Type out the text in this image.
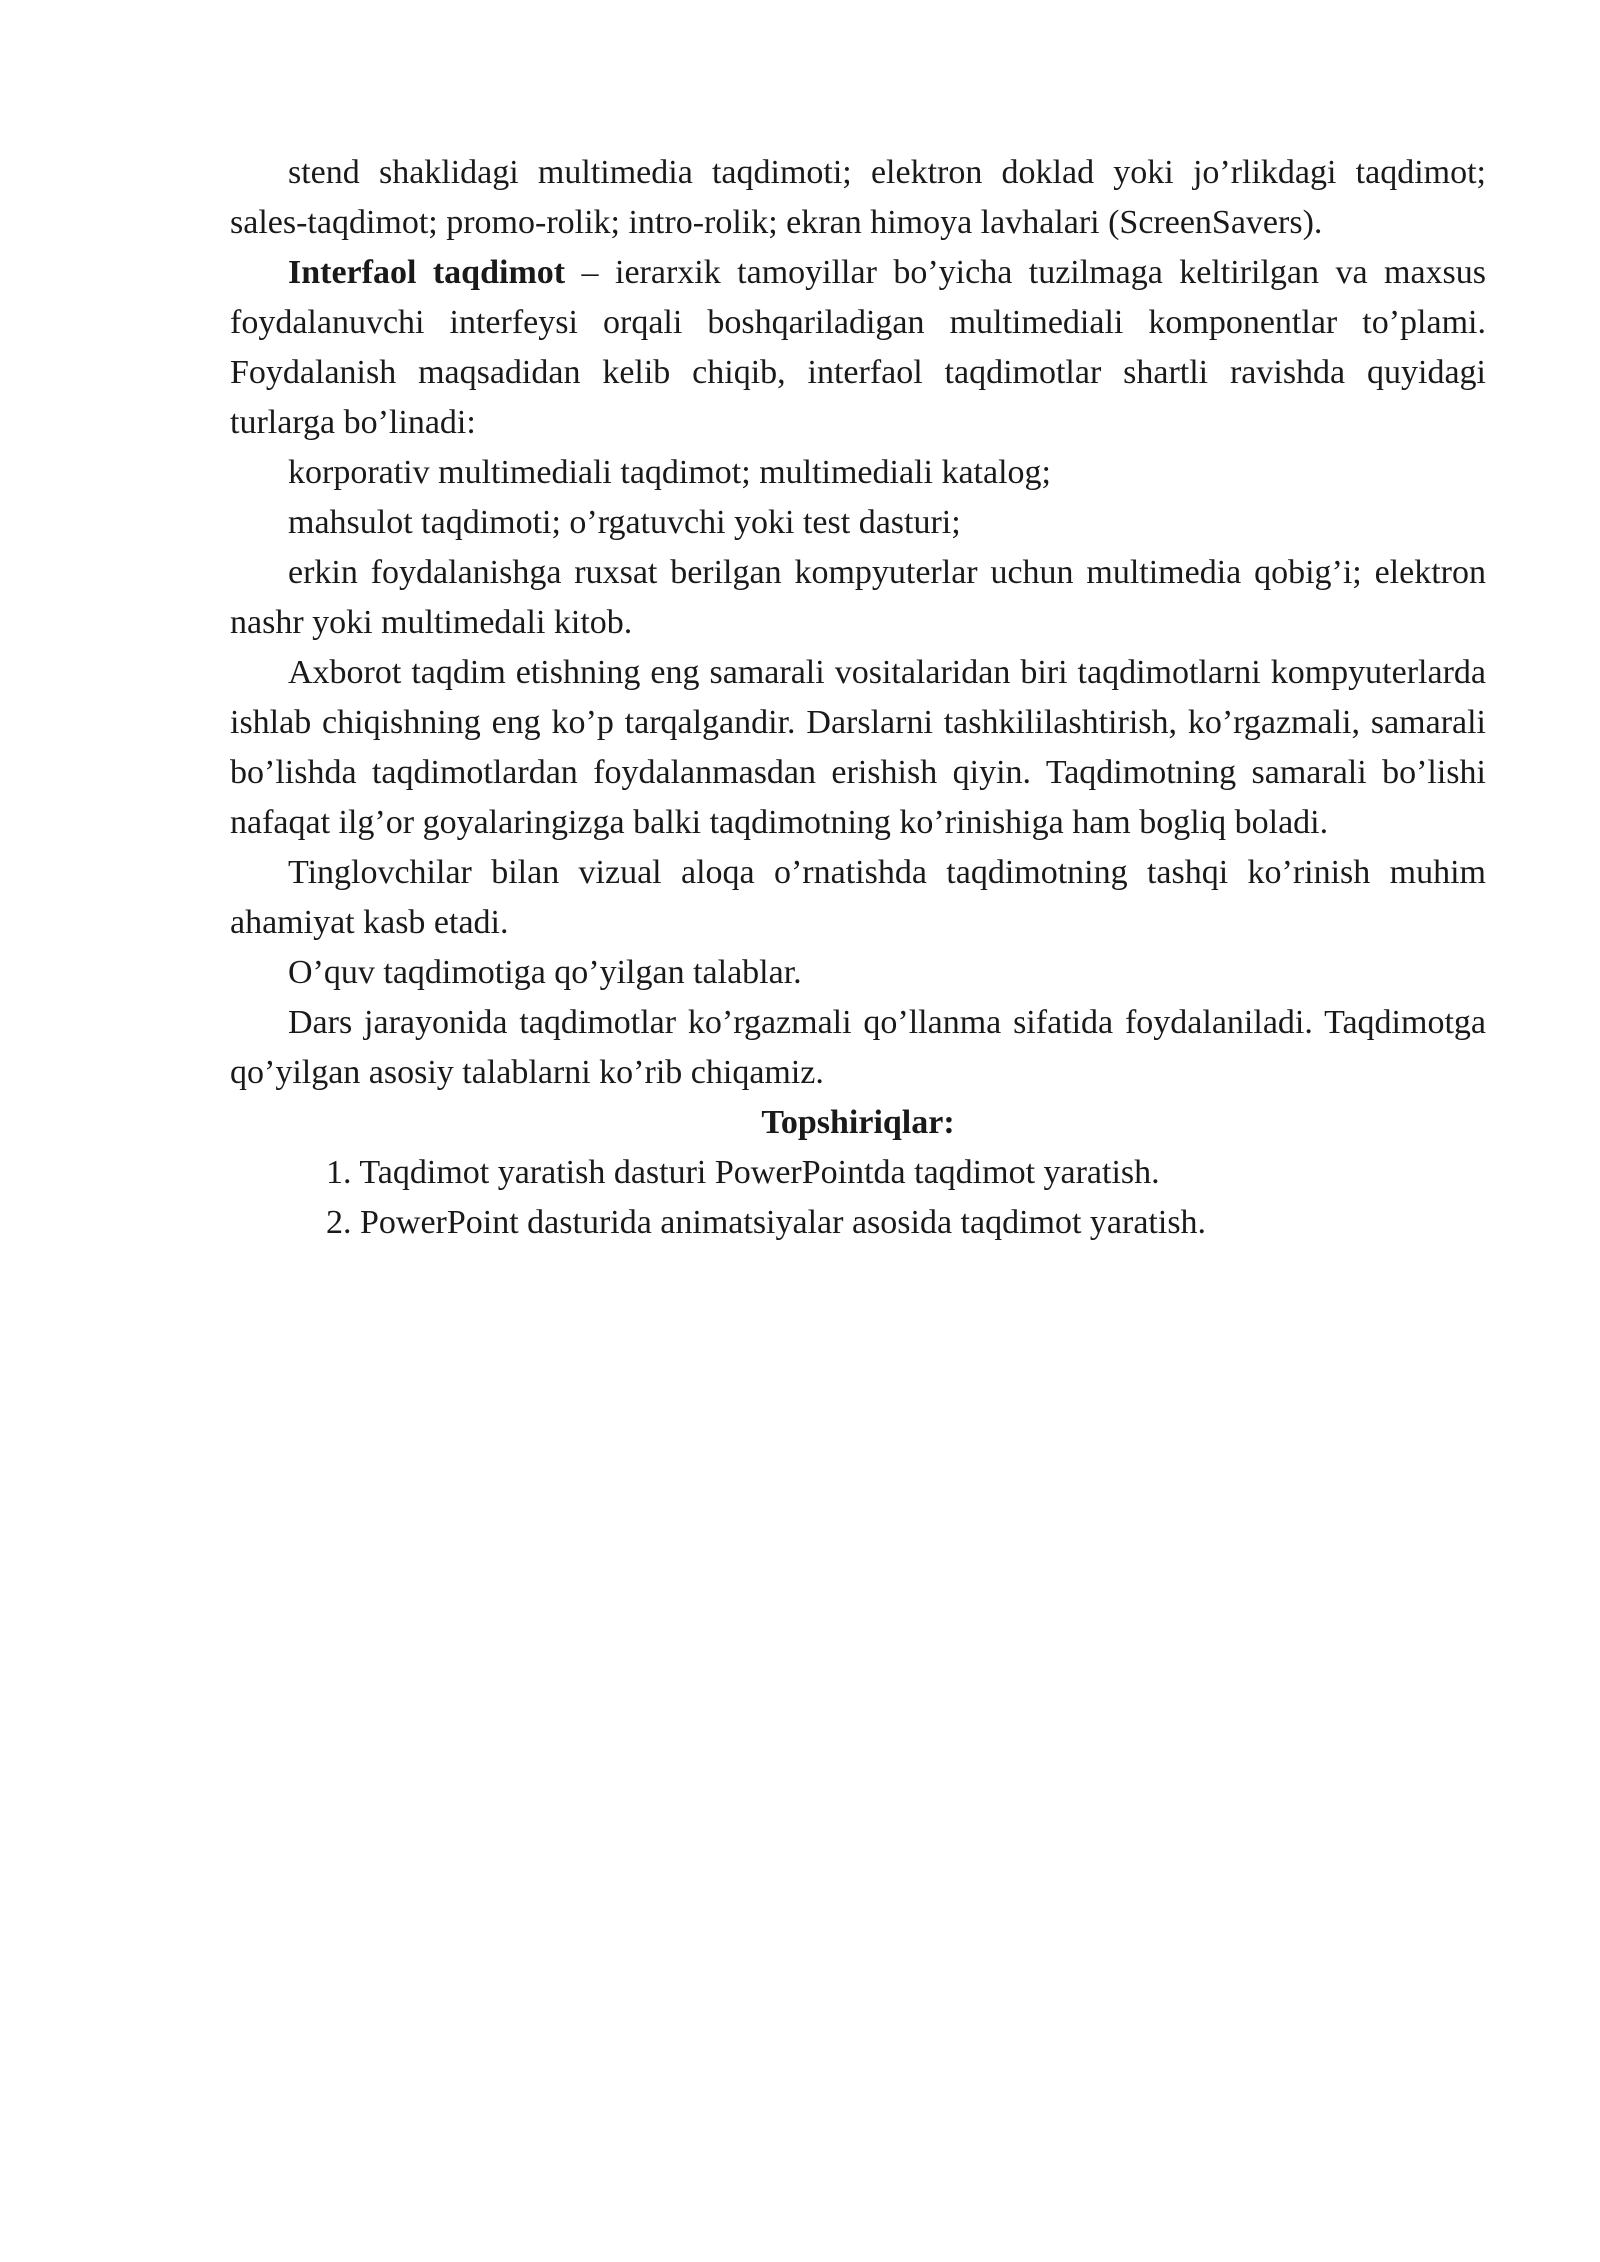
stend shaklidagi multimedia taqdimoti; elektron doklad yoki jo’rlikdagi taqdimot; sales-taqdimot; promo-rolik; intro-rolik; ekran himoya lavhalari (ScreenSavers).

Interfaol taqdimot – ierarxik tamoyillar bo’yicha tuzilmaga keltirilgan va maxsus foydalanuvchi interfeysi orqali boshqariladigan multimediali komponentlar to’plami. Foydalanish maqsadidan kelib chiqib, interfaol taqdimotlar shartli ravishda quyidagi turlarga bo’linadi:

korporativ multimediali taqdimot; multimediali katalog;

mahsulot taqdimoti; o’rgatuvchi yoki test dasturi;

erkin foydalanishga ruxsat berilgan kompyuterlar uchun multimedia qobig’i; elektron nashr yoki multimedali kitob.

Axborot taqdim etishning eng samarali vositalaridan biri taqdimotlarni kompyuterlarda ishlab chiqishning eng ko’p tarqalgandir. Darslarni tashkililashtirish, ko’rgazmali, samarali bo’lishda taqdimotlardan foydalanmasdan erishish qiyin. Taqdimotning samarali bo’lishi nafaqat ilg’or goyalaringizga balki taqdimotning ko’rinishiga ham bogliq boladi.

Tinglovchilar bilan vizual aloqa o’rnatishda taqdimotning tashqi ko’rinish muhim ahamiyat kasb etadi.

O’quv taqdimotiga qo’yilgan talablar.

Dars jarayonida taqdimotlar ko’rgazmali qo’llanma sifatida foydalaniladi. Taqdimotga qo’yilgan asosiy talablarni ko’rib chiqamiz.

Topshiriqlar:

1. Taqdimot yaratish dasturi PowerPointda taqdimot yaratish.

2. PowerPoint dasturida animatsiyalar asosida taqdimot yaratish.
